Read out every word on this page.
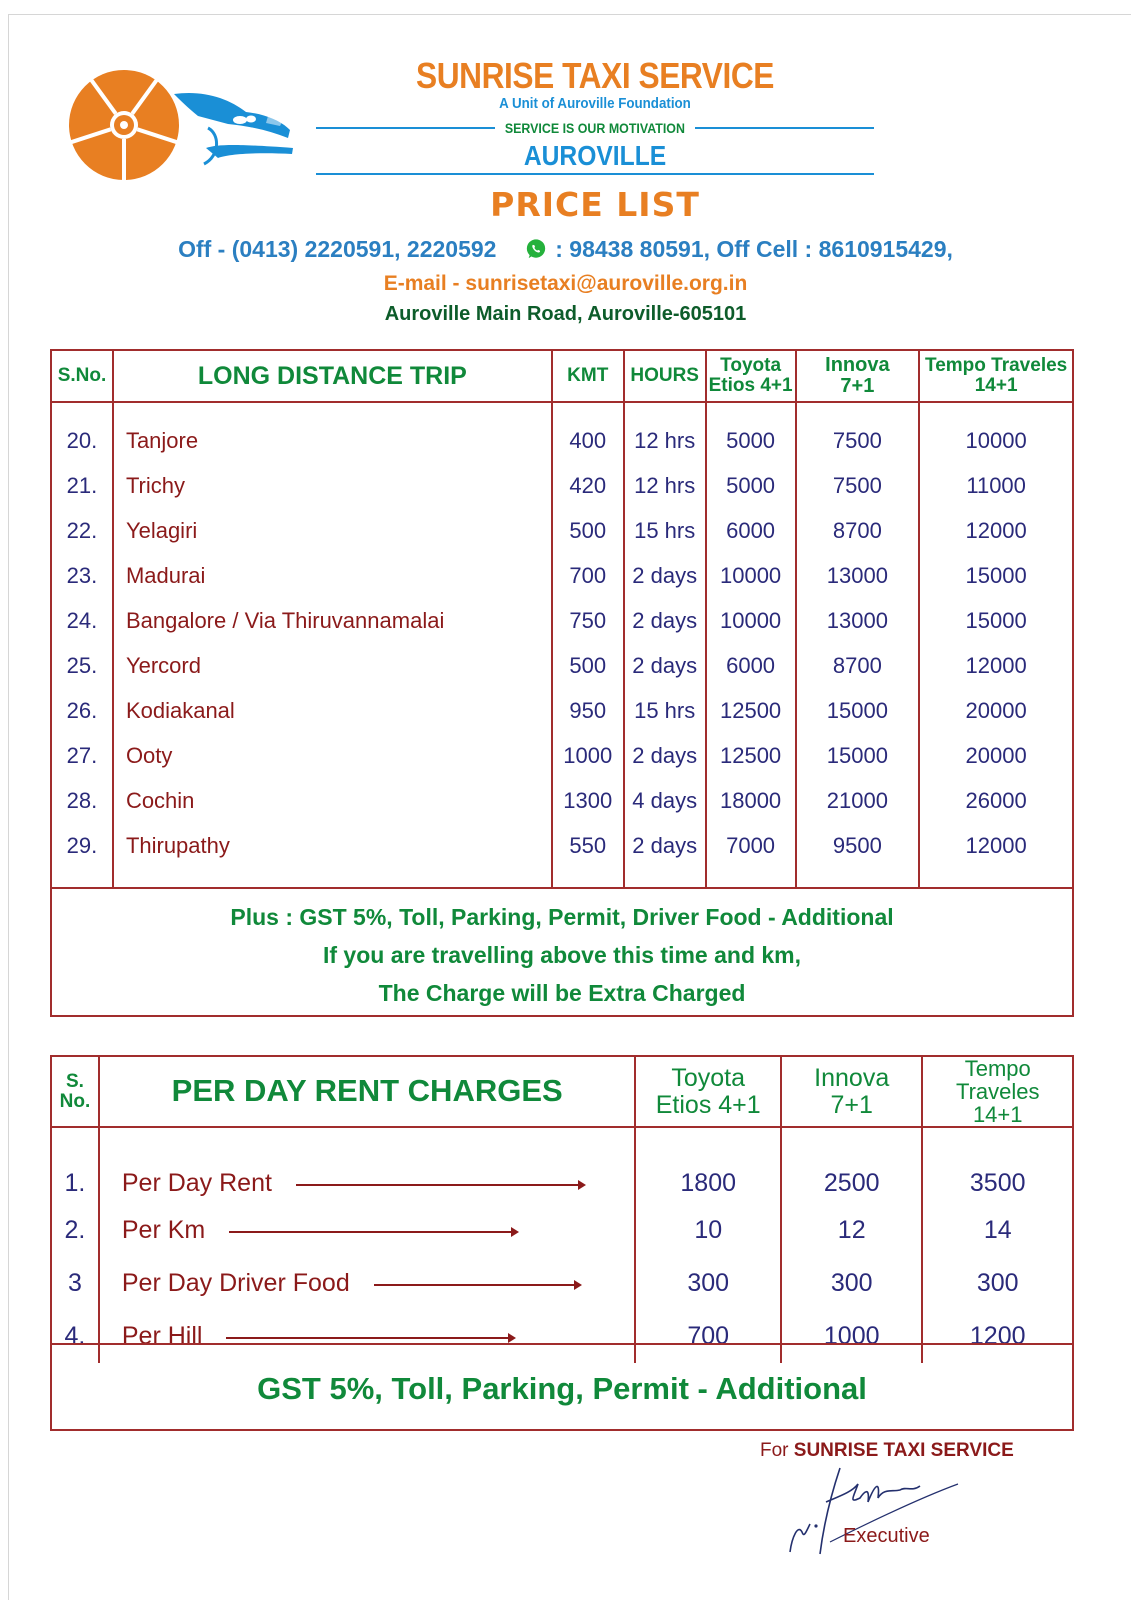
SUNRISE TAXI SERVICE
A Unit of Auroville Foundation
SERVICE IS OUR MOTIVATION
AUROVILLE
PRICE LIST
Off - (0413) 2220591, 2220592	: 98438 80591, Off Cell : 8610915429,
E-mail - sunrisetaxi@auroville.org.in
Auroville Main Road, Auroville-605101
S.No.	LONG DISTANCE TRIP	KMT	HOURS	Toyota
Etios 4+1	Innova
7+1	Tempo Traveles
14+1

20.	Tanjore	400	12 hrs	5000	7500	10000
21.	Trichy	420	12 hrs	5000	7500	11000
22.	Yelagiri	500	15 hrs	6000	8700	12000
23.	Madurai	700	2 days	10000	13000	15000
24.	Bangalore / Via Thiruvannamalai	750	2 days	10000	13000	15000
25.	Yercord	500	2 days	6000	8700	12000
26.	Kodiakanal	950	15 hrs	12500	15000	20000
27.	Ooty	1000	2 days	12500	15000	20000
28.	Cochin	1300	4 days	18000	21000	26000
29.	Thirupathy	550	2 days	7000	9500	12000

Plus : GST 5%, Toll, Parking, Permit, Driver Food - Additional
If you are travelling above this time and km,
The Charge will be Extra Charged
S.
No.	PER DAY RENT CHARGES	Toyota
Etios 4+1	Innova
7+1	Tempo Traveles
14+1
1.	Per Day Rent	1800	2500	3500
2.	Per Km	10	12	14
3	Per Day Driver Food	300	300	300
4.	Per Hill	700	1000	1200
GST 5%, Toll, Parking, Permit - Additional
For SUNRISE TAXI SERVICE
Executive
